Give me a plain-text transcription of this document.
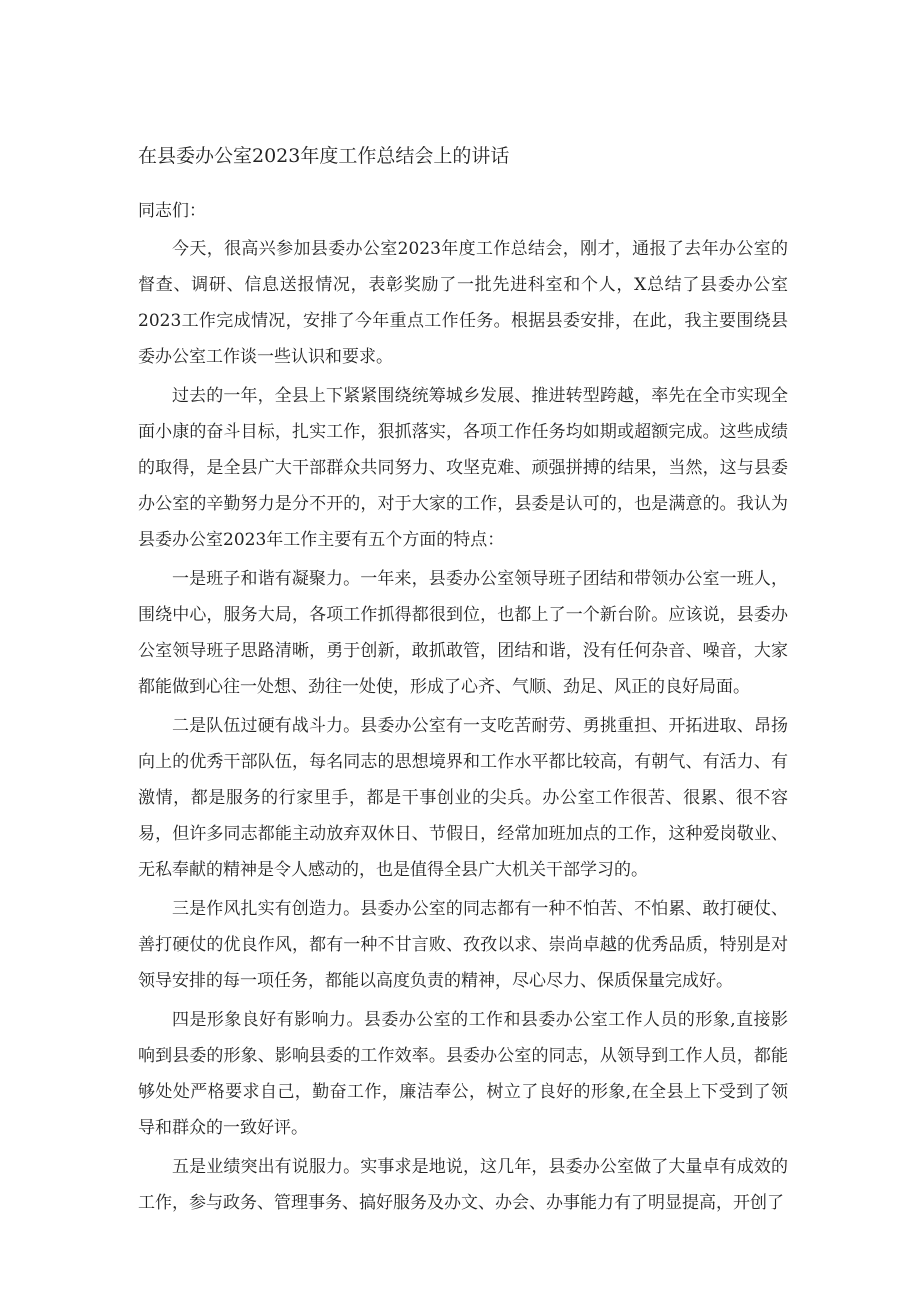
在县委办公室2023年度工作总结会上的讲话

同志们：

今天，很高兴参加县委办公室2023年度工作总结会，刚才，通报了去年办公室的督查、调研、信息送报情况，表彰奖励了一批先进科室和个人，X总结了县委办公室2023工作完成情况，安排了今年重点工作任务。根据县委安排，在此，我主要围绕县委办公室工作谈一些认识和要求。

过去的一年，全县上下紧紧围绕统筹城乡发展、推进转型跨越，率先在全市实现全面小康的奋斗目标，扎实工作，狠抓落实，各项工作任务均如期或超额完成。这些成绩的取得，是全县广大干部群众共同努力、攻坚克难、顽强拼搏的结果，当然，这与县委办公室的辛勤努力是分不开的，对于大家的工作，县委是认可的，也是满意的。我认为县委办公室2023年工作主要有五个方面的特点：

一是班子和谐有凝聚力。一年来，县委办公室领导班子团结和带领办公室一班人，围绕中心，服务大局，各项工作抓得都很到位，也都上了一个新台阶。应该说，县委办公室领导班子思路清晰，勇于创新，敢抓敢管，团结和谐，没有任何杂音、噪音，大家都能做到心往一处想、劲往一处使，形成了心齐、气顺、劲足、风正的良好局面。

二是队伍过硬有战斗力。县委办公室有一支吃苦耐劳、勇挑重担、开拓进取、昂扬向上的优秀干部队伍，每名同志的思想境界和工作水平都比较高，有朝气、有活力、有激情，都是服务的行家里手，都是干事创业的尖兵。办公室工作很苦、很累、很不容易，但许多同志都能主动放弃双休日、节假日，经常加班加点的工作，这种爱岗敬业、无私奉献的精神是令人感动的，也是值得全县广大机关干部学习的。

三是作风扎实有创造力。县委办公室的同志都有一种不怕苦、不怕累、敢打硬仗、善打硬仗的优良作风，都有一种不甘言败、孜孜以求、崇尚卓越的优秀品质，特别是对领导安排的每一项任务，都能以高度负责的精神，尽心尽力、保质保量完成好。

四是形象良好有影响力。县委办公室的工作和县委办公室工作人员的形象,直接影响到县委的形象、影响县委的工作效率。县委办公室的同志，从领导到工作人员，都能够处处严格要求自己，勤奋工作，廉洁奉公，树立了良好的形象,在全县上下受到了领导和群众的一致好评。

五是业绩突出有说服力。实事求是地说，这几年，县委办公室做了大量卓有成效的工作，参与政务、管理事务、搞好服务及办文、办会、办事能力有了明显提高，开创了
